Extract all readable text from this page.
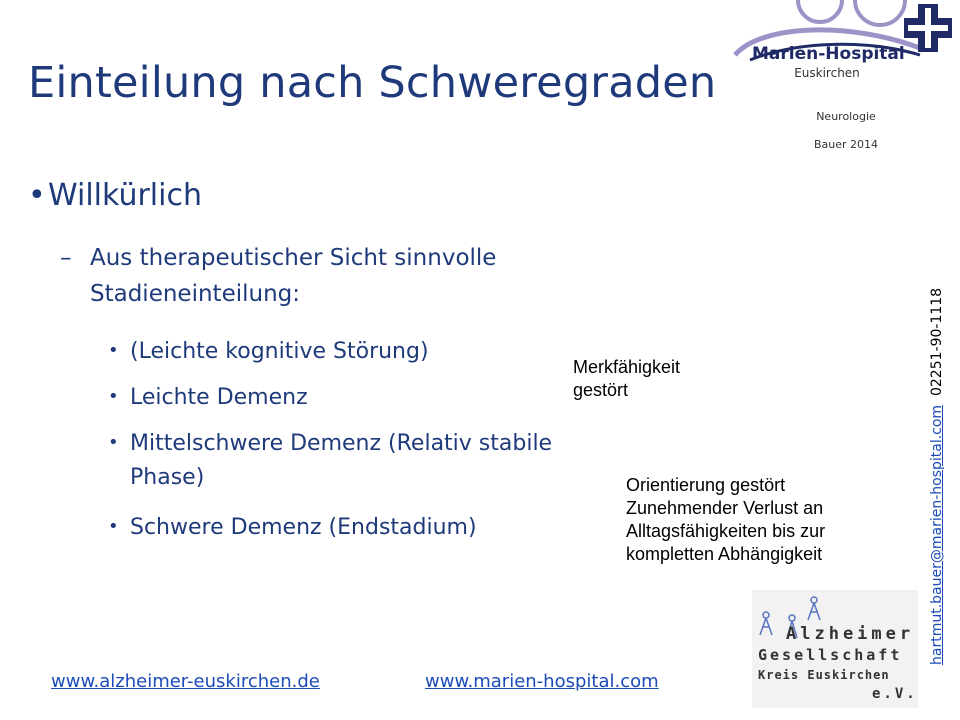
Marien-Hospital
Euskirchen
Neurologie
Bauer 2014
Einteilung nach Schweregraden
•Willkürlich
– Aus therapeutischer Sicht sinnvolle
Stadieneinteilung:
• (Leichte kognitive Störung)
• Leichte Demenz
• Mittelschwere Demenz (Relativ stabile
Phase)
• Schwere Demenz (Endstadium)
Merkfähigkeit
gestört
Orientierung gestört
Zunehmender Verlust an
Alltagsfähigkeiten bis zur
kompletten Abhängigkeit	hartmut.bauer@marien-hospital.com  02251-90-1118
Alzheimer
Gesellschaft
Kreis Euskirchen
e.V.
www.alzheimer-euskirchen.de	www.marien-hospital.com
